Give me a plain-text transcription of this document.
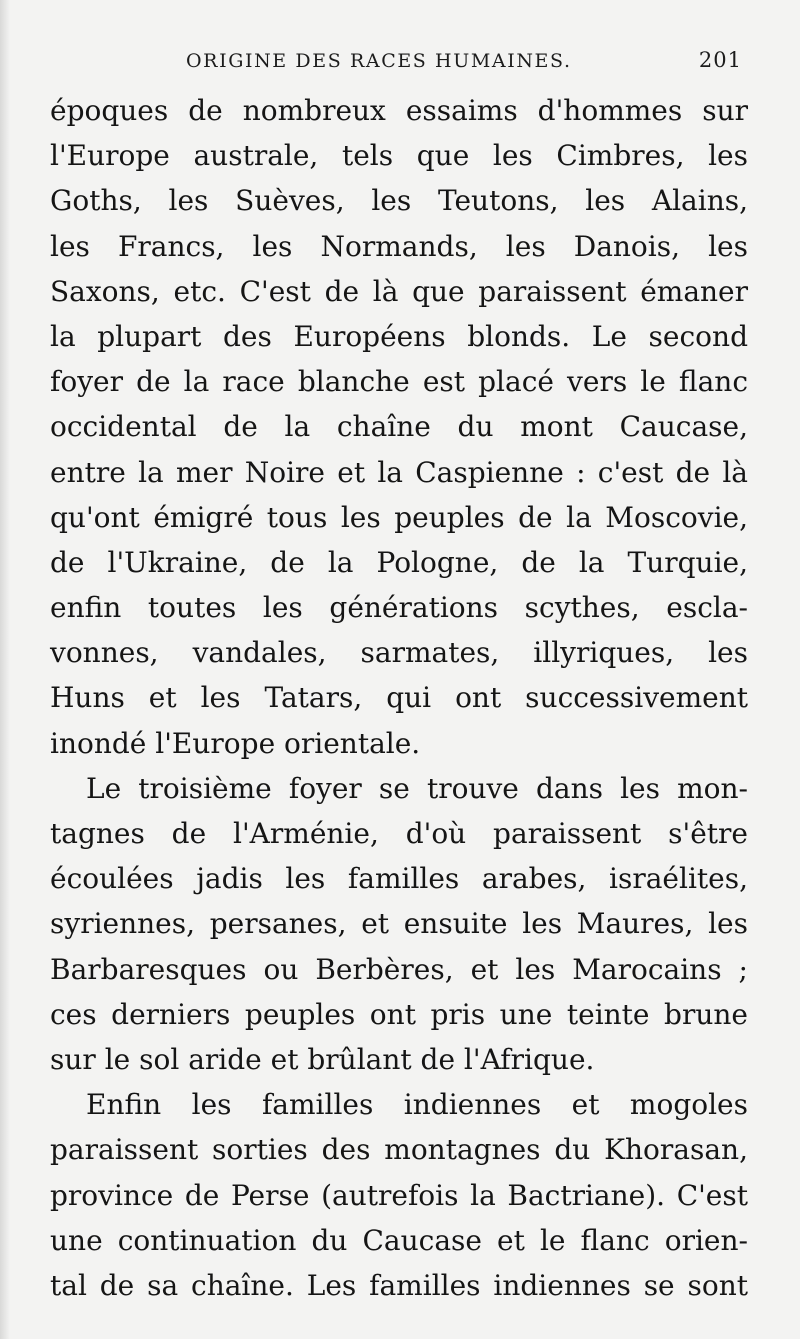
ORIGINE DES RACES HUMAINES.	201
époques de nombreux essaims d'hommes sur
l'Europe australe, tels que les Cimbres, les
Goths, les Suèves, les Teutons, les Alains,
les Francs, les Normands, les Danois, les
Saxons, etc. C'est de là que paraissent émaner
la plupart des Européens blonds. Le second
foyer de la race blanche est placé vers le flanc
occidental de la chaîne du mont Caucase,
entre la mer Noire et la Caspienne : c'est de là
qu'ont émigré tous les peuples de la Moscovie,
de l'Ukraine, de la Pologne, de la Turquie,
enfin toutes les générations scythes, escla-
vonnes, vandales, sarmates, illyriques, les
Huns et les Tatars, qui ont successivement
inondé l'Europe orientale.
Le troisième foyer se trouve dans les mon-
tagnes de l'Arménie, d'où paraissent s'être
écoulées jadis les familles arabes, israélites,
syriennes, persanes, et ensuite les Maures, les
Barbaresques ou Berbères, et les Marocains ;
ces derniers peuples ont pris une teinte brune
sur le sol aride et brûlant de l'Afrique.
Enfin les familles indiennes et mogoles
paraissent sorties des montagnes du Khorasan,
province de Perse (autrefois la Bactriane). C'est
une continuation du Caucase et le flanc orien-
tal de sa chaîne. Les familles indiennes se sont
